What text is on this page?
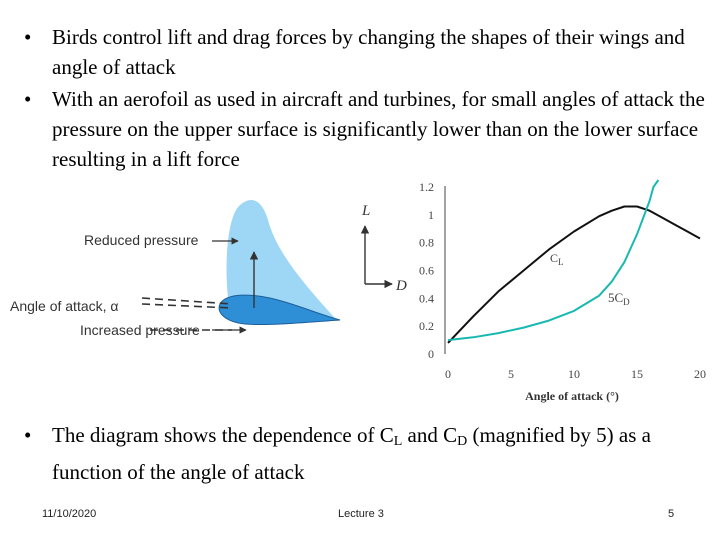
• Birds control lift and drag forces by changing the shapes of their wings and angle of attack
• With an aerofoil as used in aircraft and turbines, for small angles of attack the pressure on the upper surface is significantly lower than on the lower surface resulting in a lift force
Reduced pressure
Increased pressure
Angle of attack, α
L
D
0
0.2
0.4
0.6
0.8
1
1.2
0	5	10	15	20
$C_L$
$5C_D$
Angle of attack (°)
• The diagram shows the dependence of $C_L$ and $C_D$ (magnified by 5) as a function of the angle of attack
11/10/2020	Lecture 3	5
